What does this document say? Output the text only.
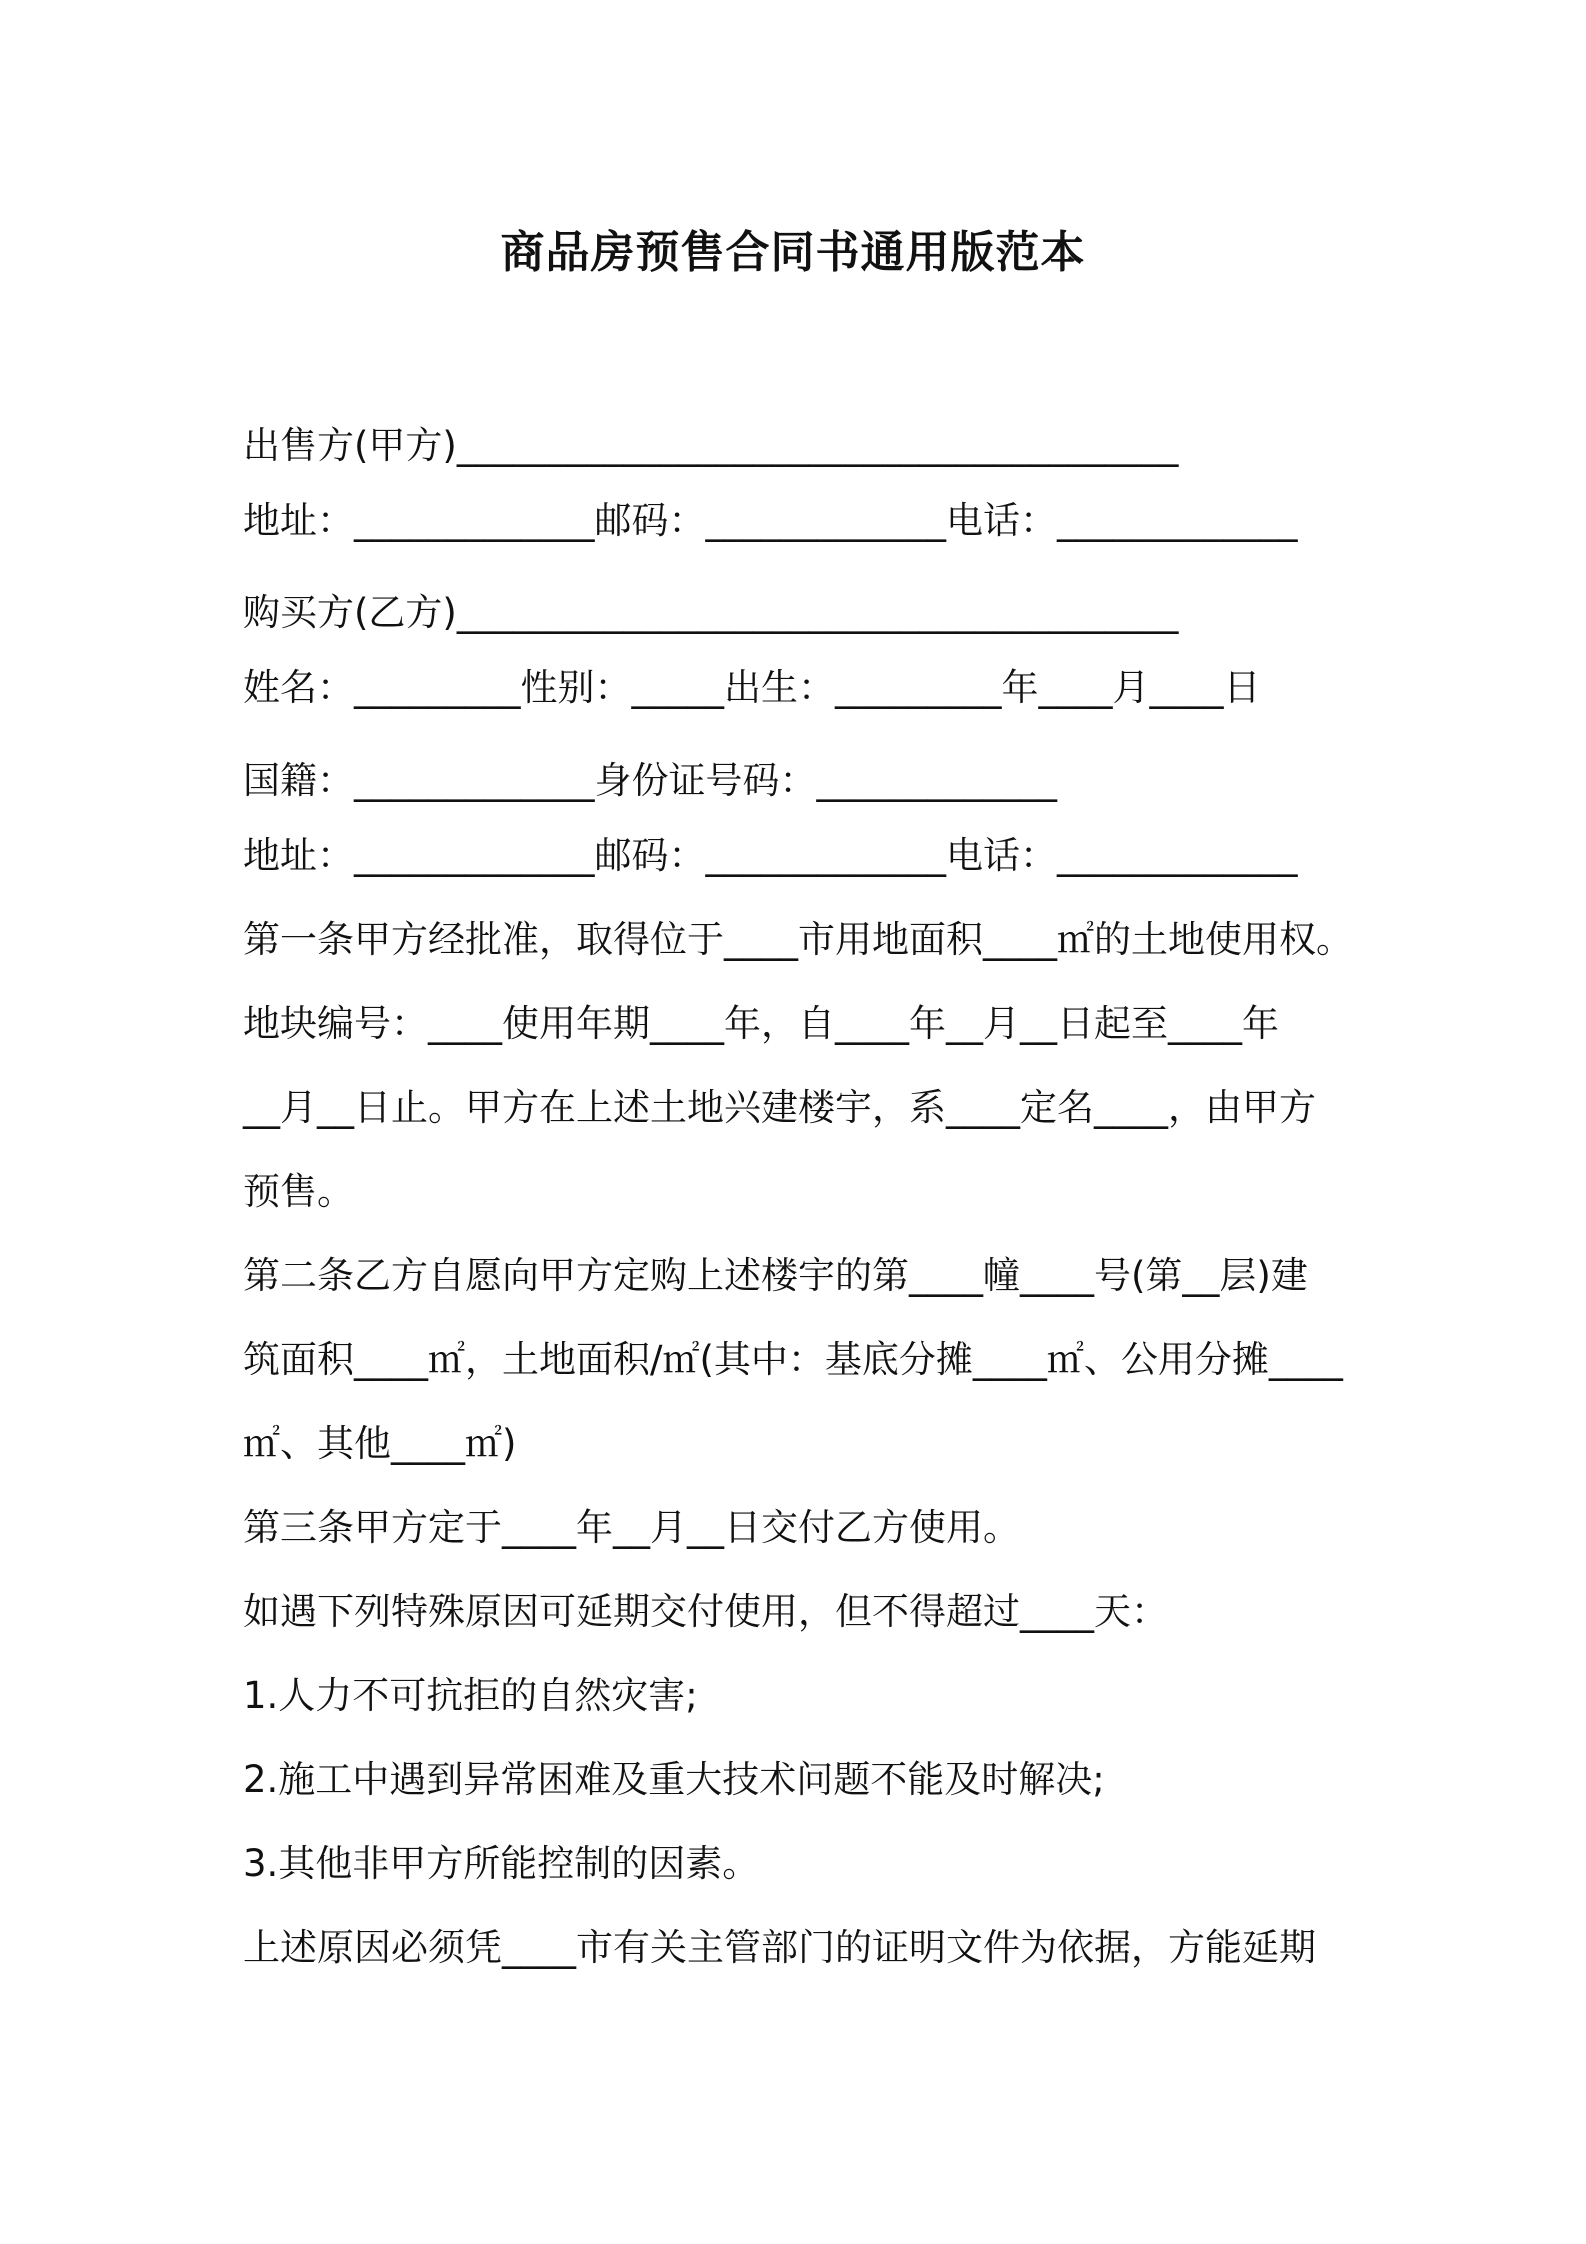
商品房预售合同书通用版范本

出售方(甲方)_______________________________________

地址：_____________邮码：_____________电话：_____________

购买方(乙方)_______________________________________

姓名：_________性别：_____出生：_________年____月____日

国籍：_____________身份证号码：_____________

地址：_____________邮码：_____________电话：_____________

第一条甲方经批准，取得位于____市用地面积____㎡的土地使用权。

地块编号：____使用年期____年，自____年__月__日起至____年

__月__日止。甲方在上述土地兴建楼宇，系____定名____，由甲方

预售。

第二条乙方自愿向甲方定购上述楼宇的第____幢____号(第__层)建

筑面积____㎡，土地面积/㎡(其中：基底分摊____㎡、公用分摊____

㎡、其他____㎡)

第三条甲方定于____年__月__日交付乙方使用。

如遇下列特殊原因可延期交付使用，但不得超过____天：

1.人力不可抗拒的自然灾害;

2.施工中遇到异常困难及重大技术问题不能及时解决;

3.其他非甲方所能控制的因素。

上述原因必须凭____市有关主管部门的证明文件为依据，方能延期
